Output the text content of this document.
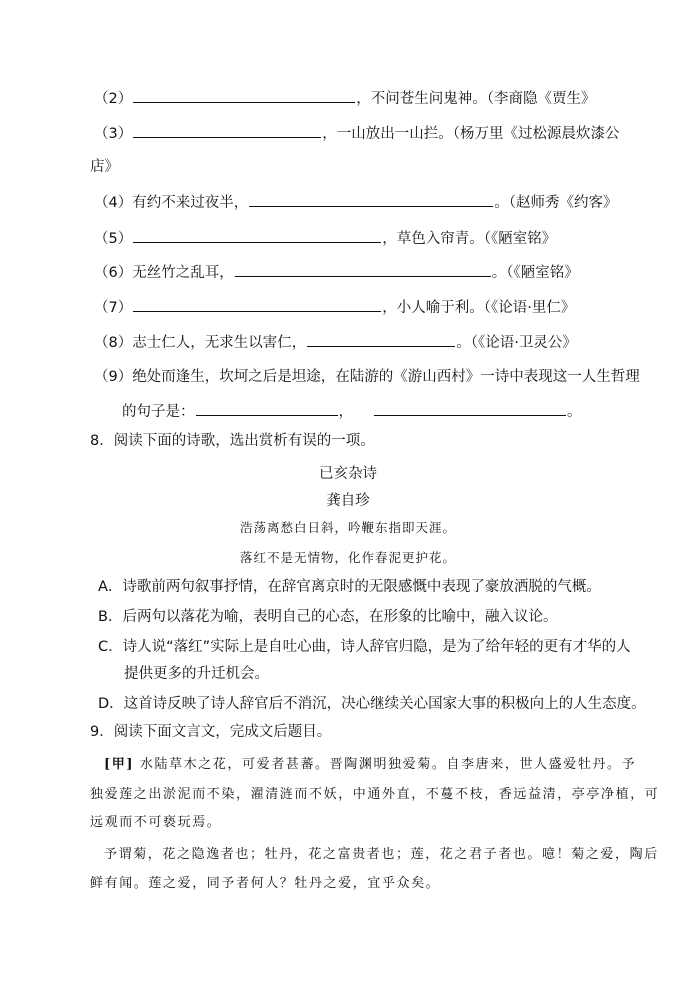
（2）	，不问苍生问鬼神。（李商隐《贾生》
（3）	，一山放出一山拦。（杨万里《过松源晨炊漆公
店》
（4）有约不来过夜半，	。（赵师秀《约客》
（5）	，草色入帘青。（《陋室铭》
（6）无丝竹之乱耳，	。（《陋室铭》
（7）	，小人喻于利。（《论语·里仁》
（8）志士仁人，无求生以害仁，	。（《论语·卫灵公》
（9）绝处而逢生，坎坷之后是坦途，在陆游的《游山西村》一诗中表现这一人生哲理
的句子是：	，	。
8．阅读下面的诗歌，选出赏析有误的一项。
已亥杂诗
龚自珍
浩荡离愁白日斜，吟鞭东指即天涯。
落红不是无情物，化作春泥更护花。
A．诗歌前两句叙事抒情，在辞官离京时的无限感慨中表现了豪放洒脱的气概。
B．后两句以落花为喻，表明自己的心态，在形象的比喻中，融入议论。
C．诗人说“落红”实际上是自吐心曲，诗人辞官归隐，是为了给年轻的更有才华的人
提供更多的升迁机会。
D．这首诗反映了诗人辞官后不消沉，决心继续关心国家大事的积极向上的人生态度。
9．阅读下面文言文，完成文后题目。
[甲] 水陆草木之花，可爱者甚蕃。晋陶渊明独爱菊。自李唐来，世人盛爱牡丹。予
独爱莲之出淤泥而不染，濯清涟而不妖，中通外直，不蔓不枝，香远益清，亭亭净植，可
远观而不可亵玩焉。
予谓菊，花之隐逸者也；牡丹，花之富贵者也；莲，花之君子者也。噫！菊之爱，陶后
鲜有闻。莲之爱，同予者何人？牡丹之爱，宜乎众矣。
